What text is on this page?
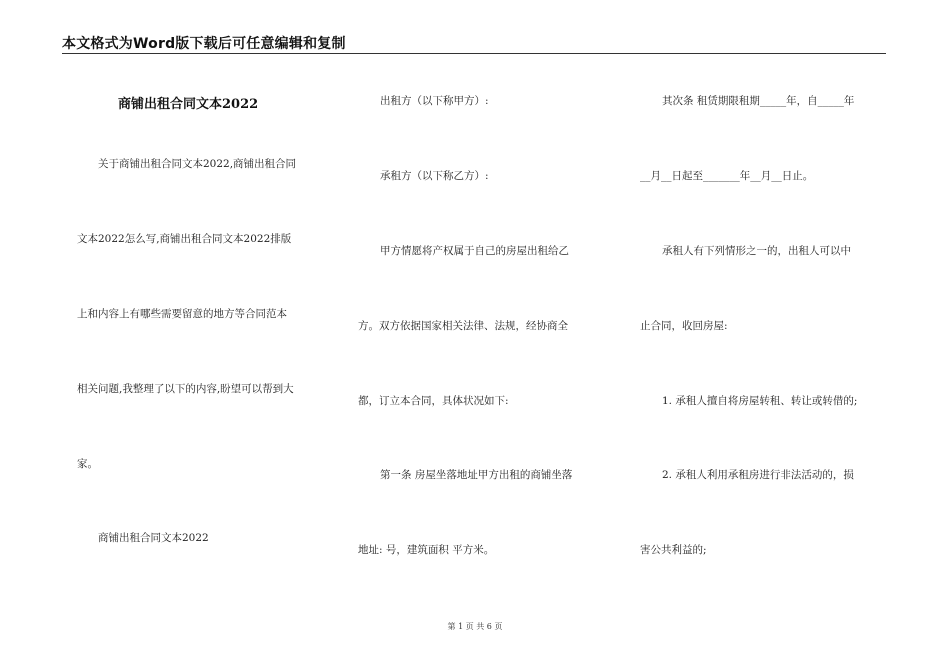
本文格式为Word版下载后可任意编辑和复制
商铺出租合同文本2022
关于商铺出租合同文本2022,商铺出租合同
文本2022怎么写,商铺出租合同文本2022排版
上和内容上有哪些需要留意的地方等合同范本
相关问题,我整理了以下的内容,盼望可以帮到大
家。
商铺出租合同文本2022
出租方（以下称甲方）:
承租方（以下称乙方）:
甲方情愿将产权属于自己的房屋出租给乙
方。双方依据国家相关法律、法规，经协商全
都，订立本合同，具体状况如下:
第一条 房屋坐落地址甲方出租的商铺坐落
地址: 号，建筑面积 平方米。
其次条 租赁期限租期_____年，自_____年
__月__日起至_______年__月__日止。
承租人有下列情形之一的，出租人可以中
止合同，收回房屋:
1. 承租人擅自将房屋转租、转让或转借的;
2. 承租人利用承租房进行非法活动的，损
害公共利益的;
第 1 页 共 6 页
